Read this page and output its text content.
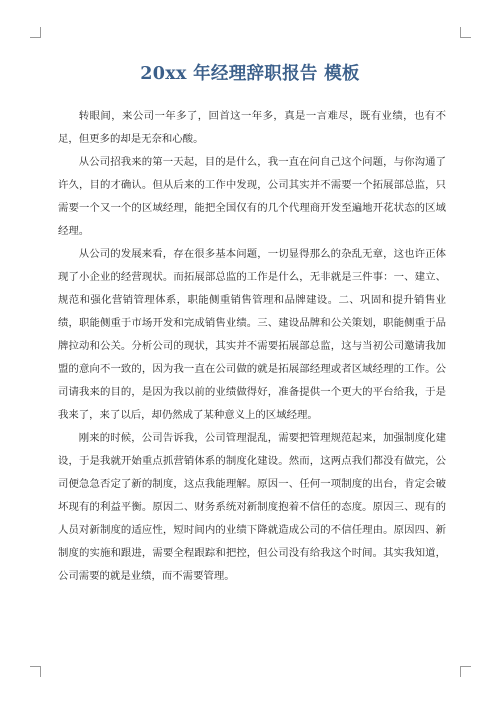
20xx 年经理辞职报告 模板

转眼间，来公司一年多了，回首这一年多，真是一言难尽，既有业绩，也有不足，但更多的却是无奈和心酸。

从公司招我来的第一天起，目的是什么，我一直在问自己这个问题，与你沟通了许久，目的才确认。但从后来的工作中发现，公司其实并不需要一个拓展部总监，只需要一个又一个的区域经理，能把全国仅有的几个代理商开发至遍地开花状态的区域经理。

从公司的发展来看，存在很多基本问题，一切显得那么的杂乱无章，这也许正体现了小企业的经营现状。而拓展部总监的工作是什么，无非就是三件事：一、建立、规范和强化营销管理体系，职能侧重销售管理和品牌建设。二、巩固和提升销售业绩，职能侧重于市场开发和完成销售业绩。三、建设品牌和公关策划，职能侧重于品牌拉动和公关。分析公司的现状，其实并不需要拓展部总监，这与当初公司邀请我加盟的意向不一致的，因为我一直在公司做的就是拓展部经理或者区域经理的工作。公司请我来的目的，是因为我以前的业绩做得好，准备提供一个更大的平台给我，于是我来了，来了以后，却仍然成了某种意义上的区域经理。

刚来的时候，公司告诉我，公司管理混乱，需要把管理规范起来，加强制度化建设，于是我就开始重点抓营销体系的制度化建设。然而，这两点我们都没有做完，公司便急急否定了新的制度，这点我能理解。原因一、任何一项制度的出台，肯定会破坏现有的利益平衡。原因二、财务系统对新制度抱着不信任的态度。原因三、现有的人员对新制度的适应性，短时间内的业绩下降就造成公司的不信任理由。原因四、新制度的实施和跟进，需要全程跟踪和把控，但公司没有给我这个时间。其实我知道，公司需要的就是业绩，而不需要管理。
